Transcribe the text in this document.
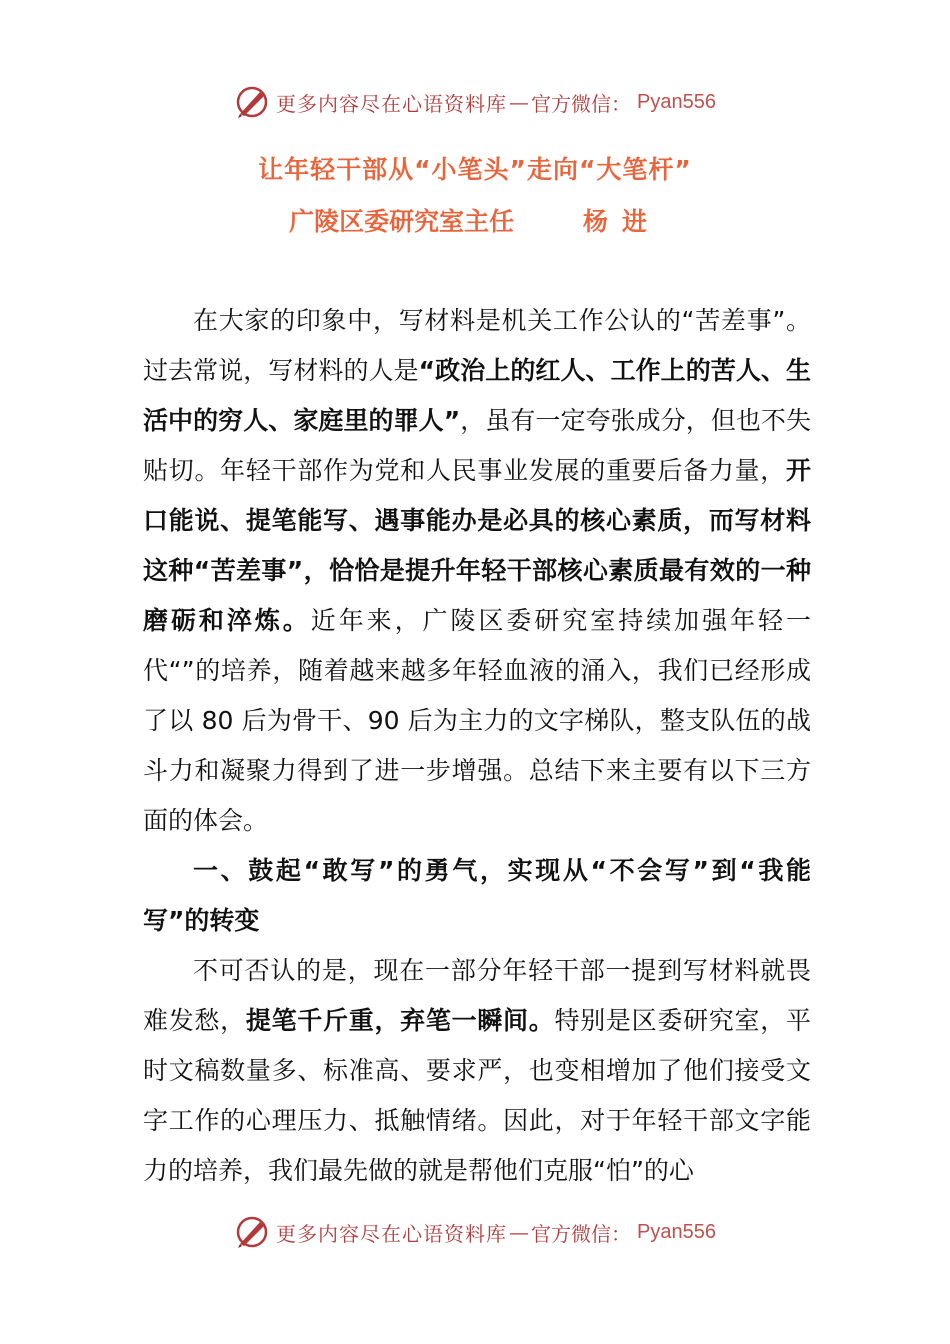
更多内容尽在心语资料库 — 官方微信： Pyan556
让年轻干部从“小笔头”走向“大笔杆”
广陵区委研究室主任	杨进

在大家的印象中，写材料是机关工作公认的“苦差事”。过去常说，写材料的人是“政治上的红人、工作上的苦人、生活中的穷人、家庭里的罪人”，虽有一定夸张成分，但也不失贴切。年轻干部作为党和人民事业发展的重要后备力量，开口能说、提笔能写、遇事能办是必具的核心素质，而写材料这种“苦差事”，恰恰是提升年轻干部核心素质最有效的一种磨砺和淬炼。近年来，广陵区委研究室持续加强年轻一代“”的培养，随着越来越多年轻血液的涌入，我们已经形成了以 80 后为骨干、90 后为主力的文字梯队，整支队伍的战斗力和凝聚力得到了进一步增强。总结下来主要有以下三方面的体会。

一、鼓起“敢写”的勇气，实现从“不会写”到“我能写”的转变

不可否认的是，现在一部分年轻干部一提到写材料就畏难发愁，提笔千斤重，弃笔一瞬间。特别是区委研究室，平时文稿数量多、标准高、要求严，也变相增加了他们接受文字工作的心理压力、抵触情绪。因此，对于年轻干部文字能力的培养，我们最先做的就是帮他们克服“怕”的心

更多内容尽在心语资料库 — 官方微信： Pyan556
